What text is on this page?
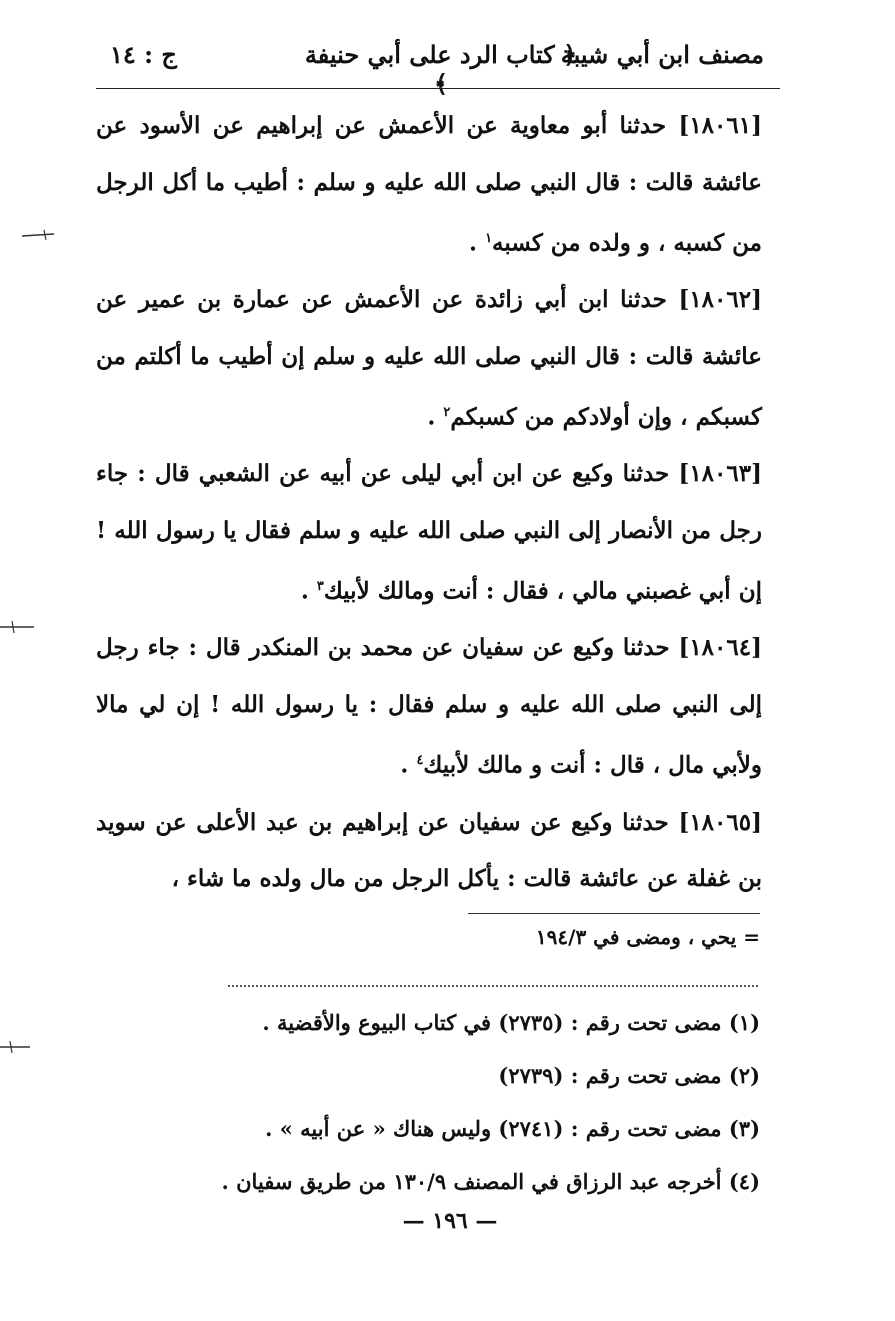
مصنف ابن أبي شيبة
﴿ كتاب الرد على أبي حنيفة ﴾
ج : ١٤

[١٨٠٦١] حدثنا أبو معاوية عن الأعمش عن إبراهيم عن الأسود عن عائشة قالت : قال النبي صلى الله عليه و سلم : أطيب ما أكل الرجل من كسبه ، و ولده من كسبه$^١$ .

[١٨٠٦٢] حدثنا ابن أبي زائدة عن الأعمش عن عمارة بن عمير عن عائشة قالت : قال النبي صلى الله عليه و سلم إن أطيب ما أكلتم من كسبكم ، وإن أولادكم من كسبكم$^٢$ .

[١٨٠٦٣] حدثنا وكيع عن ابن أبي ليلى عن أبيه عن الشعبي قال : جاء رجل من الأنصار إلى النبي صلى الله عليه و سلم فقال يا رسول الله ! إن أبي غصبني مالي ، فقال : أنت ومالك لأبيك$^٣$ .

[١٨٠٦٤] حدثنا وكيع عن سفيان عن محمد بن المنكدر قال : جاء رجل إلى النبي صلى الله عليه و سلم فقال : يا رسول الله ! إن لي مالا ولأبي مال ، قال : أنت و مالك لأبيك$^٤$ .

[١٨٠٦٥] حدثنا وكيع عن سفيان عن إبراهيم بن عبد الأعلى عن سويد بن غفلة عن عائشة قالت : يأكل الرجل من مال ولده ما شاء ،

= يحي ، ومضى في ١٩٤/٣
(١) مضى تحت رقم : (٢٧٣٥) في كتاب البيوع والأقضية .
(٢) مضى تحت رقم : (٢٧٣٩)
(٣) مضى تحت رقم : (٢٧٤١) وليس هناك « عن أبيه » .
(٤) أخرجه عبد الرزاق في المصنف ١٣٠/٩ من طريق سفيان .
— ١٩٦ —
